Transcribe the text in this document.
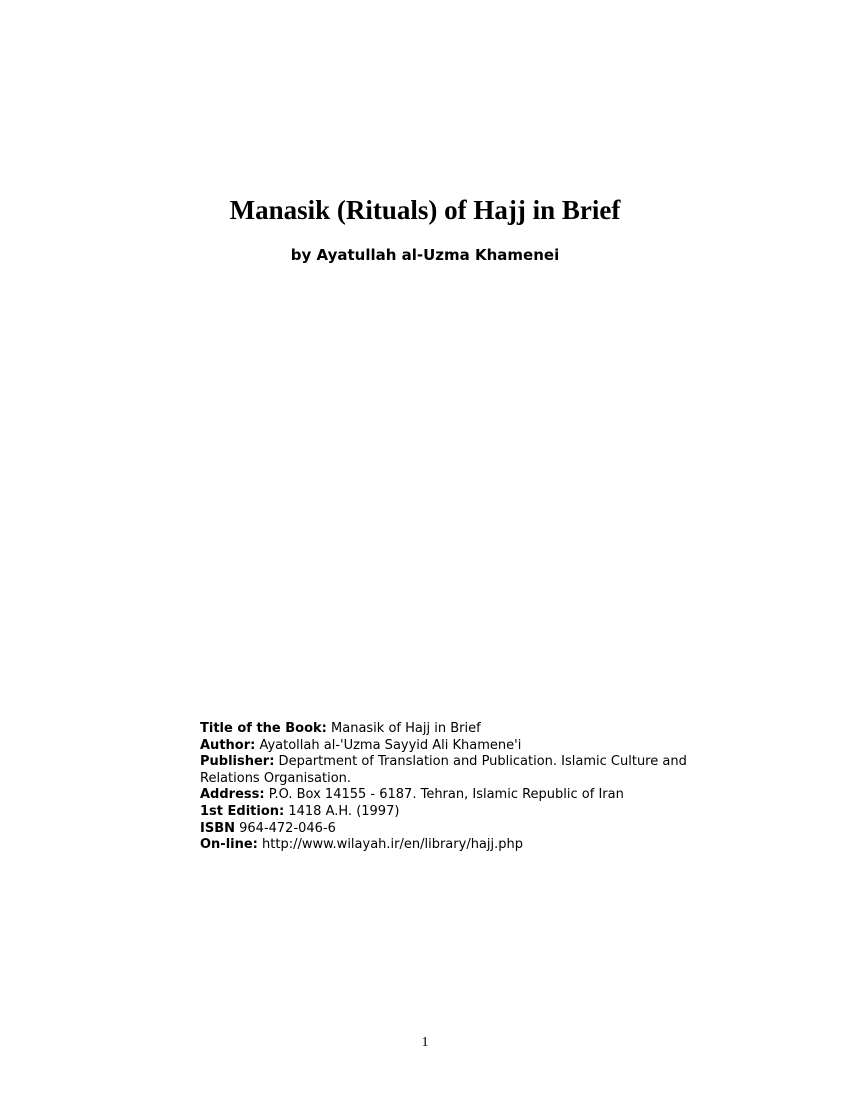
Manasik (Rituals) of Hajj in Brief

by Ayatullah al-Uzma Khamenei

Title of the Book: Manasik of Hajj in Brief

Author: Ayatollah al-'Uzma Sayyid Ali Khamene'i

Publisher: Department of Translation and Publication. Islamic Culture and Relations Organisation.

Address: P.O. Box 14155 - 6187. Tehran, Islamic Republic of Iran

1st Edition: 1418 A.H. (1997)

ISBN 964-472-046-6

On-line: http://www.wilayah.ir/en/library/hajj.php

1
